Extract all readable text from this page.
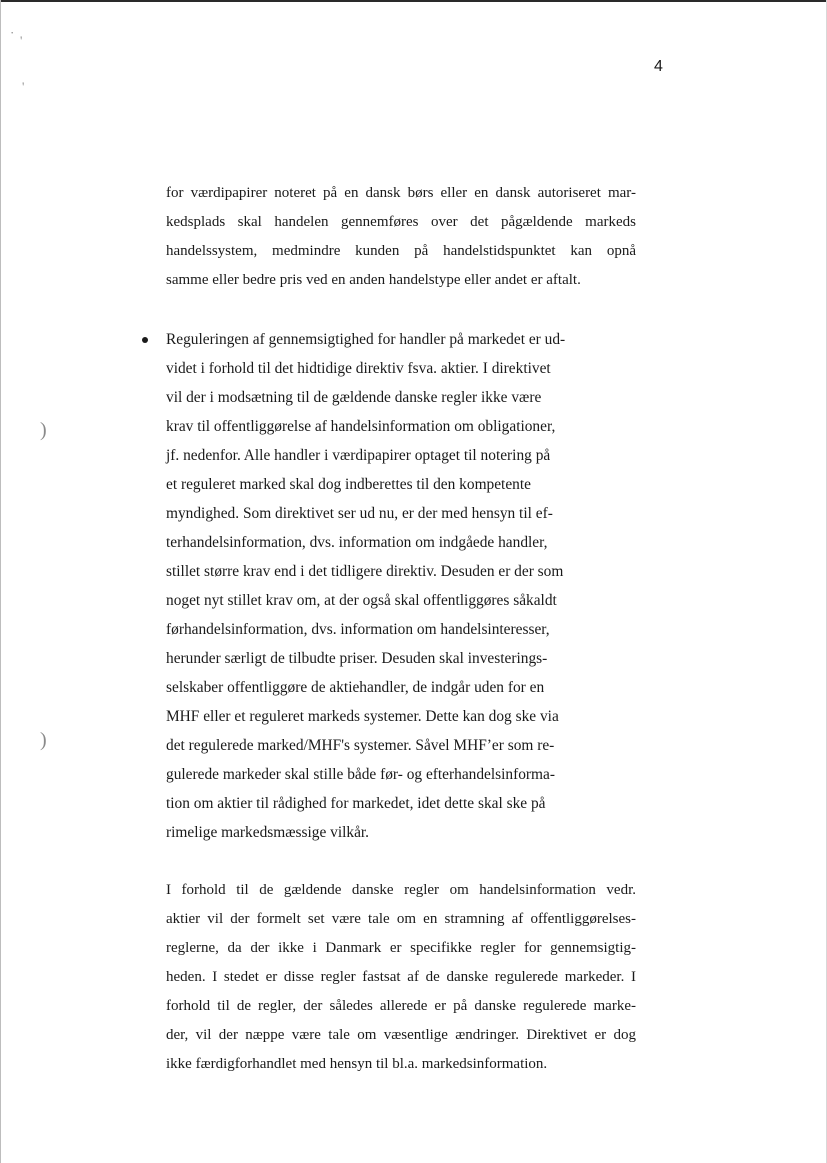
·
'
'
)
)
4

for værdipapirer noteret på en dansk børs eller en dansk autoriseret mar-
kedsplads skal handelen gennemføres over det pågældende markeds
handelssystem, medmindre kunden på handelstidspunktet kan opnå
samme eller bedre pris ved en anden handelstype eller andet er aftalt.

Reguleringen af gennemsigtighed for handler på markedet er ud-
videt i forhold til det hidtidige direktiv fsva. aktier. I direktivet
vil der i modsætning til de gældende danske regler ikke være
krav til offentliggørelse af handelsinformation om obligationer,
jf. nedenfor. Alle handler i værdipapirer optaget til notering på
et reguleret marked skal dog indberettes til den kompetente
myndighed. Som direktivet ser ud nu, er der med hensyn til ef-
terhandelsinformation, dvs. information om indgåede handler,
stillet større krav end i det tidligere direktiv. Desuden er der som
noget nyt stillet krav om, at der også skal offentliggøres såkaldt
førhandelsinformation, dvs. information om handelsinteresser,
herunder særligt de tilbudte priser. Desuden skal investerings-
selskaber offentliggøre de aktiehandler, de indgår uden for en
MHF eller et reguleret markeds systemer. Dette kan dog ske via
det regulerede marked/MHF's systemer. Såvel MHF’er som re-
gulerede markeder skal stille både før- og efterhandelsinforma-
tion om aktier til rådighed for markedet, idet dette skal ske på
rimelige markedsmæssige vilkår.

I forhold til de gældende danske regler om handelsinformation vedr.
aktier vil der formelt set være tale om en stramning af offentliggørelses-
reglerne, da der ikke i Danmark er specifikke regler for gennemsigtig-
heden. I stedet er disse regler fastsat af de danske regulerede markeder. I
forhold til de regler, der således allerede er på danske regulerede marke-
der, vil der næppe være tale om væsentlige ændringer. Direktivet er dog
ikke færdigforhandlet med hensyn til bl.a. markedsinformation.
